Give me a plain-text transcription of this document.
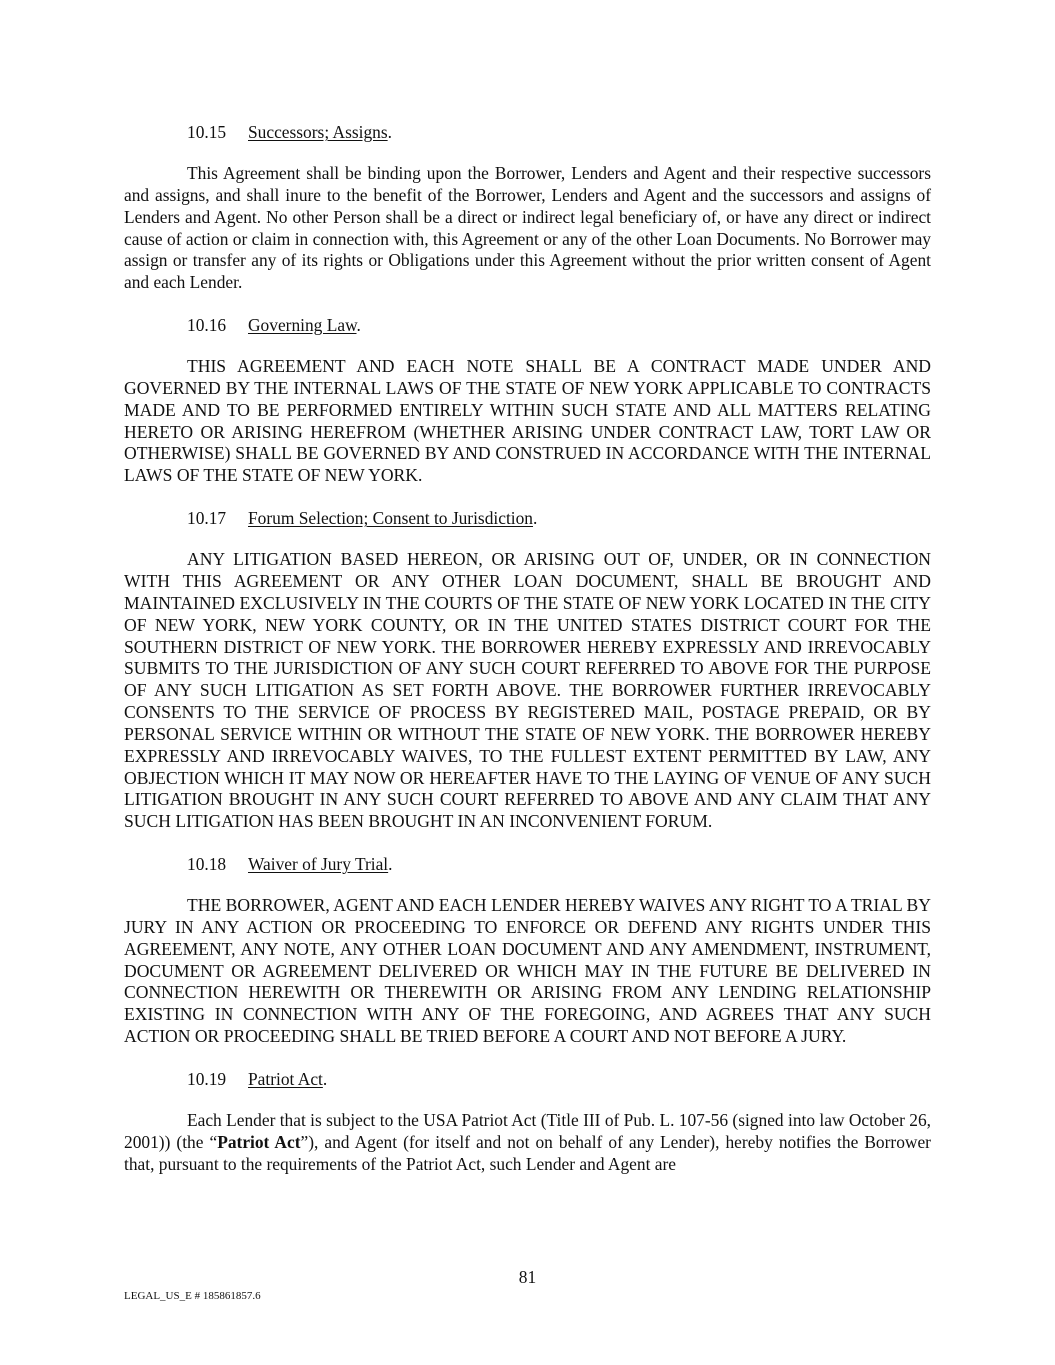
10.15 Successors; Assigns.

This Agreement shall be binding upon the Borrower, Lenders and Agent and their respective successors and assigns, and shall inure to the benefit of the Borrower, Lenders and Agent and the successors and assigns of Lenders and Agent. No other Person shall be a direct or indirect legal beneficiary of, or have any direct or indirect cause of action or claim in connection with, this Agreement or any of the other Loan Documents. No Borrower may assign or transfer any of its rights or Obligations under this Agreement without the prior written consent of Agent and each Lender.

10.16 Governing Law.

THIS AGREEMENT AND EACH NOTE SHALL BE A CONTRACT MADE UNDER AND GOVERNED BY THE INTERNAL LAWS OF THE STATE OF NEW YORK APPLICABLE TO CONTRACTS MADE AND TO BE PERFORMED ENTIRELY WITHIN SUCH STATE AND ALL MATTERS RELATING HERETO OR ARISING HEREFROM (WHETHER ARISING UNDER CONTRACT LAW, TORT LAW OR OTHERWISE) SHALL BE GOVERNED BY AND CONSTRUED IN ACCORDANCE WITH THE INTERNAL LAWS OF THE STATE OF NEW YORK.

10.17 Forum Selection; Consent to Jurisdiction.

ANY LITIGATION BASED HEREON, OR ARISING OUT OF, UNDER, OR IN CONNECTION WITH THIS AGREEMENT OR ANY OTHER LOAN DOCUMENT, SHALL BE BROUGHT AND MAINTAINED EXCLUSIVELY IN THE COURTS OF THE STATE OF NEW YORK LOCATED IN THE CITY OF NEW YORK, NEW YORK COUNTY, OR IN THE UNITED STATES DISTRICT COURT FOR THE SOUTHERN DISTRICT OF NEW YORK. THE BORROWER HEREBY EXPRESSLY AND IRREVOCABLY SUBMITS TO THE JURISDICTION OF ANY SUCH COURT REFERRED TO ABOVE FOR THE PURPOSE OF ANY SUCH LITIGATION AS SET FORTH ABOVE. THE BORROWER FURTHER IRREVOCABLY CONSENTS TO THE SERVICE OF PROCESS BY REGISTERED MAIL, POSTAGE PREPAID, OR BY PERSONAL SERVICE WITHIN OR WITHOUT THE STATE OF NEW YORK. THE BORROWER HEREBY EXPRESSLY AND IRREVOCABLY WAIVES, TO THE FULLEST EXTENT PERMITTED BY LAW, ANY OBJECTION WHICH IT MAY NOW OR HEREAFTER HAVE TO THE LAYING OF VENUE OF ANY SUCH LITIGATION BROUGHT IN ANY SUCH COURT REFERRED TO ABOVE AND ANY CLAIM THAT ANY SUCH LITIGATION HAS BEEN BROUGHT IN AN INCONVENIENT FORUM.

10.18 Waiver of Jury Trial.

THE BORROWER, AGENT AND EACH LENDER HEREBY WAIVES ANY RIGHT TO A TRIAL BY JURY IN ANY ACTION OR PROCEEDING TO ENFORCE OR DEFEND ANY RIGHTS UNDER THIS AGREEMENT, ANY NOTE, ANY OTHER LOAN DOCUMENT AND ANY AMENDMENT, INSTRUMENT, DOCUMENT OR AGREEMENT DELIVERED OR WHICH MAY IN THE FUTURE BE DELIVERED IN CONNECTION HEREWITH OR THEREWITH OR ARISING FROM ANY LENDING RELATIONSHIP EXISTING IN CONNECTION WITH ANY OF THE FOREGOING, AND AGREES THAT ANY SUCH ACTION OR PROCEEDING SHALL BE TRIED BEFORE A COURT AND NOT BEFORE A JURY.

10.19 Patriot Act.

Each Lender that is subject to the USA Patriot Act (Title III of Pub. L. 107-56 (signed into law October 26, 2001)) (the “Patriot Act”), and Agent (for itself and not on behalf of any Lender), hereby notifies the Borrower that, pursuant to the requirements of the Patriot Act, such Lender and Agent are

81
LEGAL_US_E # 185861857.6
